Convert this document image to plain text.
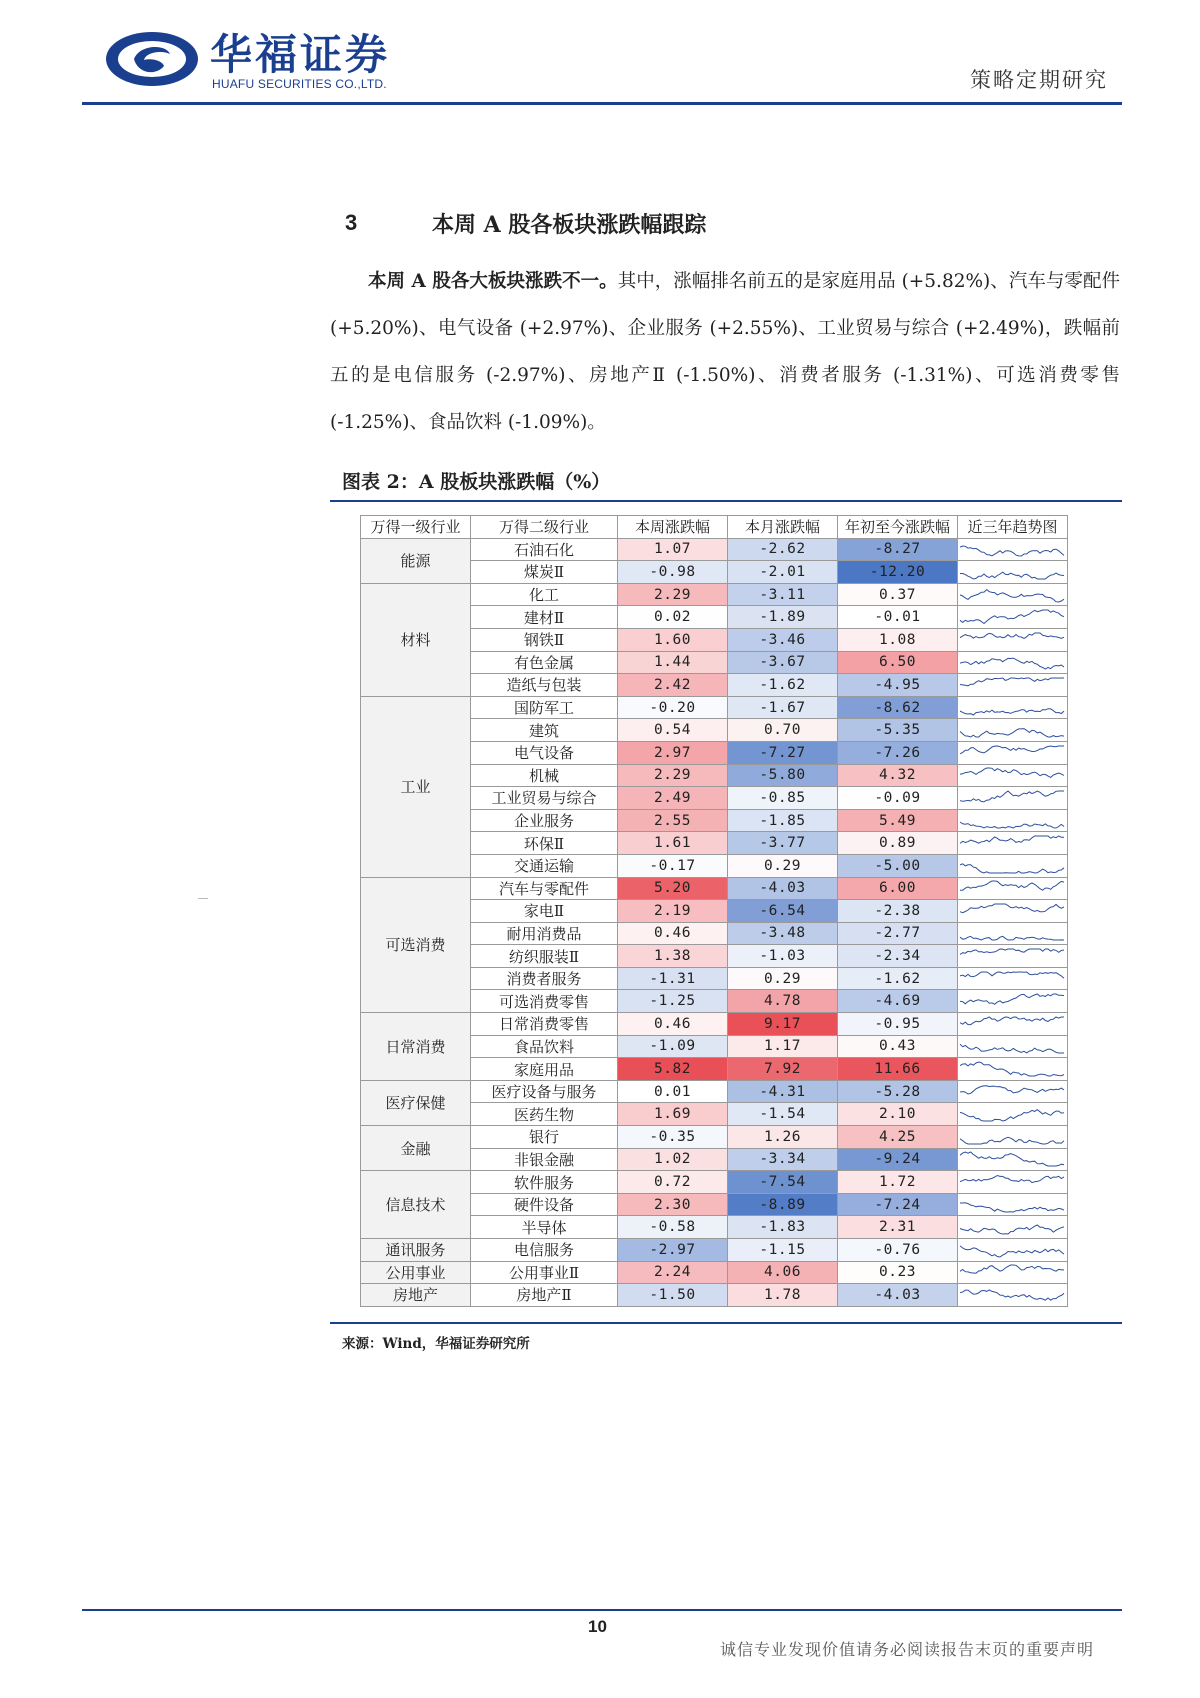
华福证券
HUAFU SECURITIES CO.,LTD.	策略定期研究
3	本周 A 股各板块涨跌幅跟踪

本周 A 股各大板块涨跌不一。其中，涨幅排名前五的是家庭用品 (+5.82%)、汽车与零配件 (+5.20%)、电气设备 (+2.97%)、企业服务 (+2.55%)、工业贸易与综合 (+2.49%)，跌幅前五的是电信服务 (-2.97%)、房地产Ⅱ (-1.50%)、消费者服务 (-1.31%)、可选消费零售 (-1.25%)、食品饮料 (-1.09%)。

图表 2：A 股板块涨跌幅（%）
万得一级行业	万得二级行业	本周涨跌幅	本月涨跌幅	年初至今涨跌幅	近三年趋势图
能源	石油石化	1.07	-2.62	-8.27	

	煤炭Ⅱ	-0.98	-2.01	-12.20	

材料	化工	2.29	-3.11	0.37	

	建材Ⅱ	0.02	-1.89	-0.01	

	钢铁Ⅱ	1.60	-3.46	1.08	

	有色金属	1.44	-3.67	6.50	

	造纸与包装	2.42	-1.62	-4.95	

工业	国防军工	-0.20	-1.67	-8.62	

	建筑	0.54	0.70	-5.35	

	电气设备	2.97	-7.27	-7.26	

	机械	2.29	-5.80	4.32	

	工业贸易与综合	2.49	-0.85	-0.09	

	企业服务	2.55	-1.85	5.49	

	环保Ⅱ	1.61	-3.77	0.89	

	交通运输	-0.17	0.29	-5.00	

可选消费	汽车与零配件	5.20	-4.03	6.00	

	家电Ⅱ	2.19	-6.54	-2.38	

	耐用消费品	0.46	-3.48	-2.77	

	纺织服装Ⅱ	1.38	-1.03	-2.34	

	消费者服务	-1.31	0.29	-1.62	

	可选消费零售	-1.25	4.78	-4.69	

日常消费	日常消费零售	0.46	9.17	-0.95	

	食品饮料	-1.09	1.17	0.43	

	家庭用品	5.82	7.92	11.66	

医疗保健	医疗设备与服务	0.01	-4.31	-5.28	

	医药生物	1.69	-1.54	2.10	

金融	银行	-0.35	1.26	4.25	

	非银金融	1.02	-3.34	-9.24	

信息技术	软件服务	0.72	-7.54	1.72	

	硬件设备	2.30	-8.89	-7.24	

	半导体	-0.58	-1.83	2.31	

通讯服务	电信服务	-2.97	-1.15	-0.76	

公用事业	公用事业Ⅱ	2.24	4.06	0.23	

房地产	房地产Ⅱ	-1.50	1.78	-4.03	
来源：Wind，华福证券研究所
10
诚信专业发现价值请务必阅读报告末页的重要声明
